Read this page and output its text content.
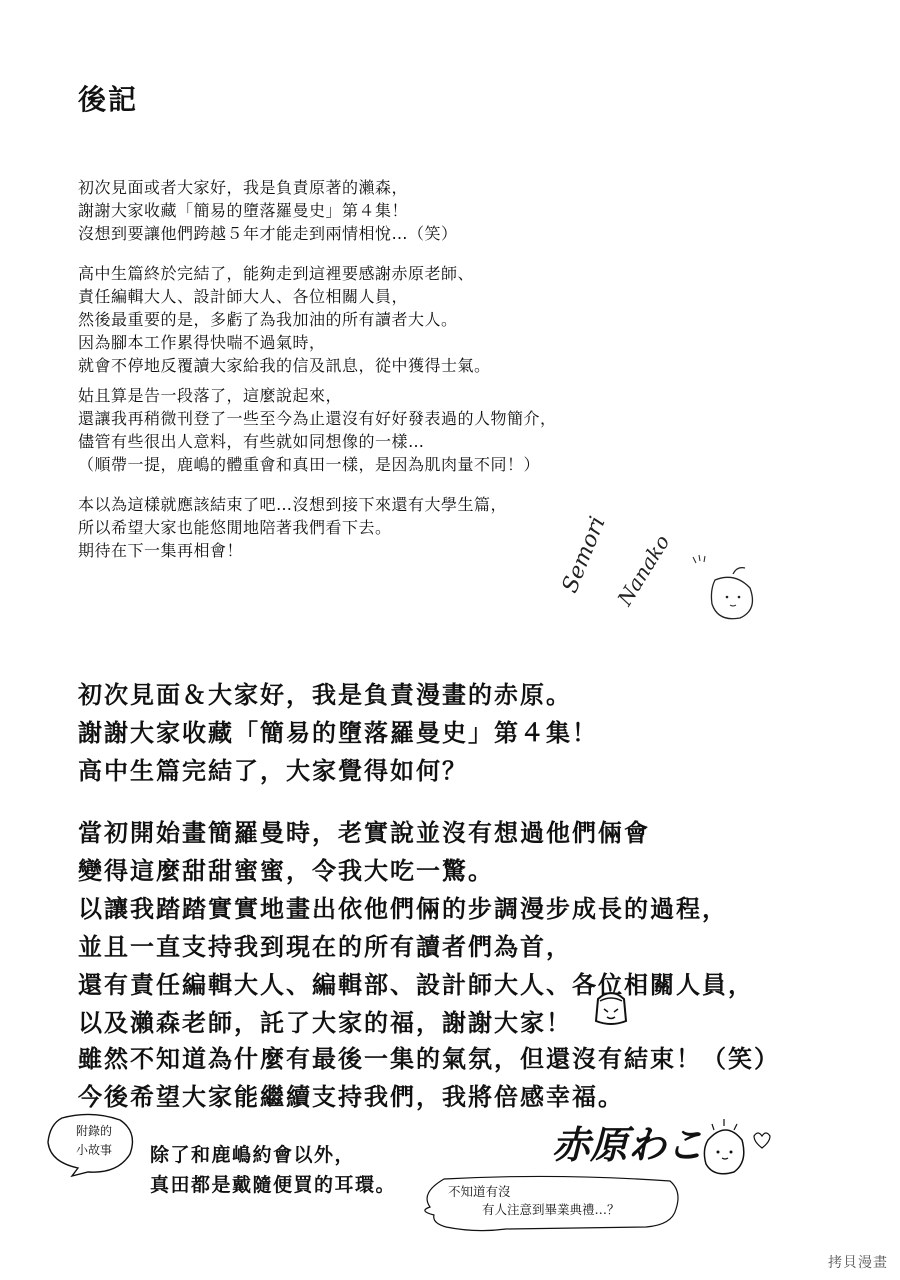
後記
初次見面或者大家好，我是負責原著的瀨森，
謝謝大家收藏「簡易的墮落羅曼史」第４集！
沒想到要讓他們跨越５年才能走到兩情相悅…（笑）
高中生篇終於完結了，能夠走到這裡要感謝赤原老師、
責任編輯大人、設計師大人、各位相關人員，
然後最重要的是，多虧了為我加油的所有讀者大人。
因為腳本工作累得快喘不過氣時，
就會不停地反覆讀大家給我的信及訊息，從中獲得士氣。
姑且算是告一段落了，這麼說起來，
還讓我再稍微刊登了一些至今為止還沒有好好發表過的人物簡介，
儘管有些很出人意料，有些就如同想像的一樣…
（順帶一提，鹿嶋的體重會和真田一樣，是因為肌肉量不同！）
本以為這樣就應該結束了吧…沒想到接下來還有大學生篇，
所以希望大家也能悠閒地陪著我們看下去。
期待在下一集再相會！	Semori Nanako
初次見面＆大家好，我是負責漫畫的赤原。
謝謝大家收藏「簡易的墮落羅曼史」第４集！
高中生篇完結了，大家覺得如何？
當初開始畫簡羅曼時，老實說並沒有想過他們倆會
變得這麼甜甜蜜蜜，令我大吃一驚。
以讓我踏踏實實地畫出依他們倆的步調漫步成長的過程，
並且一直支持我到現在的所有讀者們為首，
還有責任編輯大人、編輯部、設計師大人、各位相關人員，
以及瀨森老師，託了大家的福，謝謝大家！
雖然不知道為什麼有最後一集的氣氛，但還沒有結束！（笑）
今後希望大家能繼續支持我們，我將倍感幸福。
附錄的
小故事	除了和鹿嶋約會以外，
真田都是戴隨便買的耳環。	不知道有沒
有人注意到畢業典禮…？
赤原わこ
拷貝漫畫
